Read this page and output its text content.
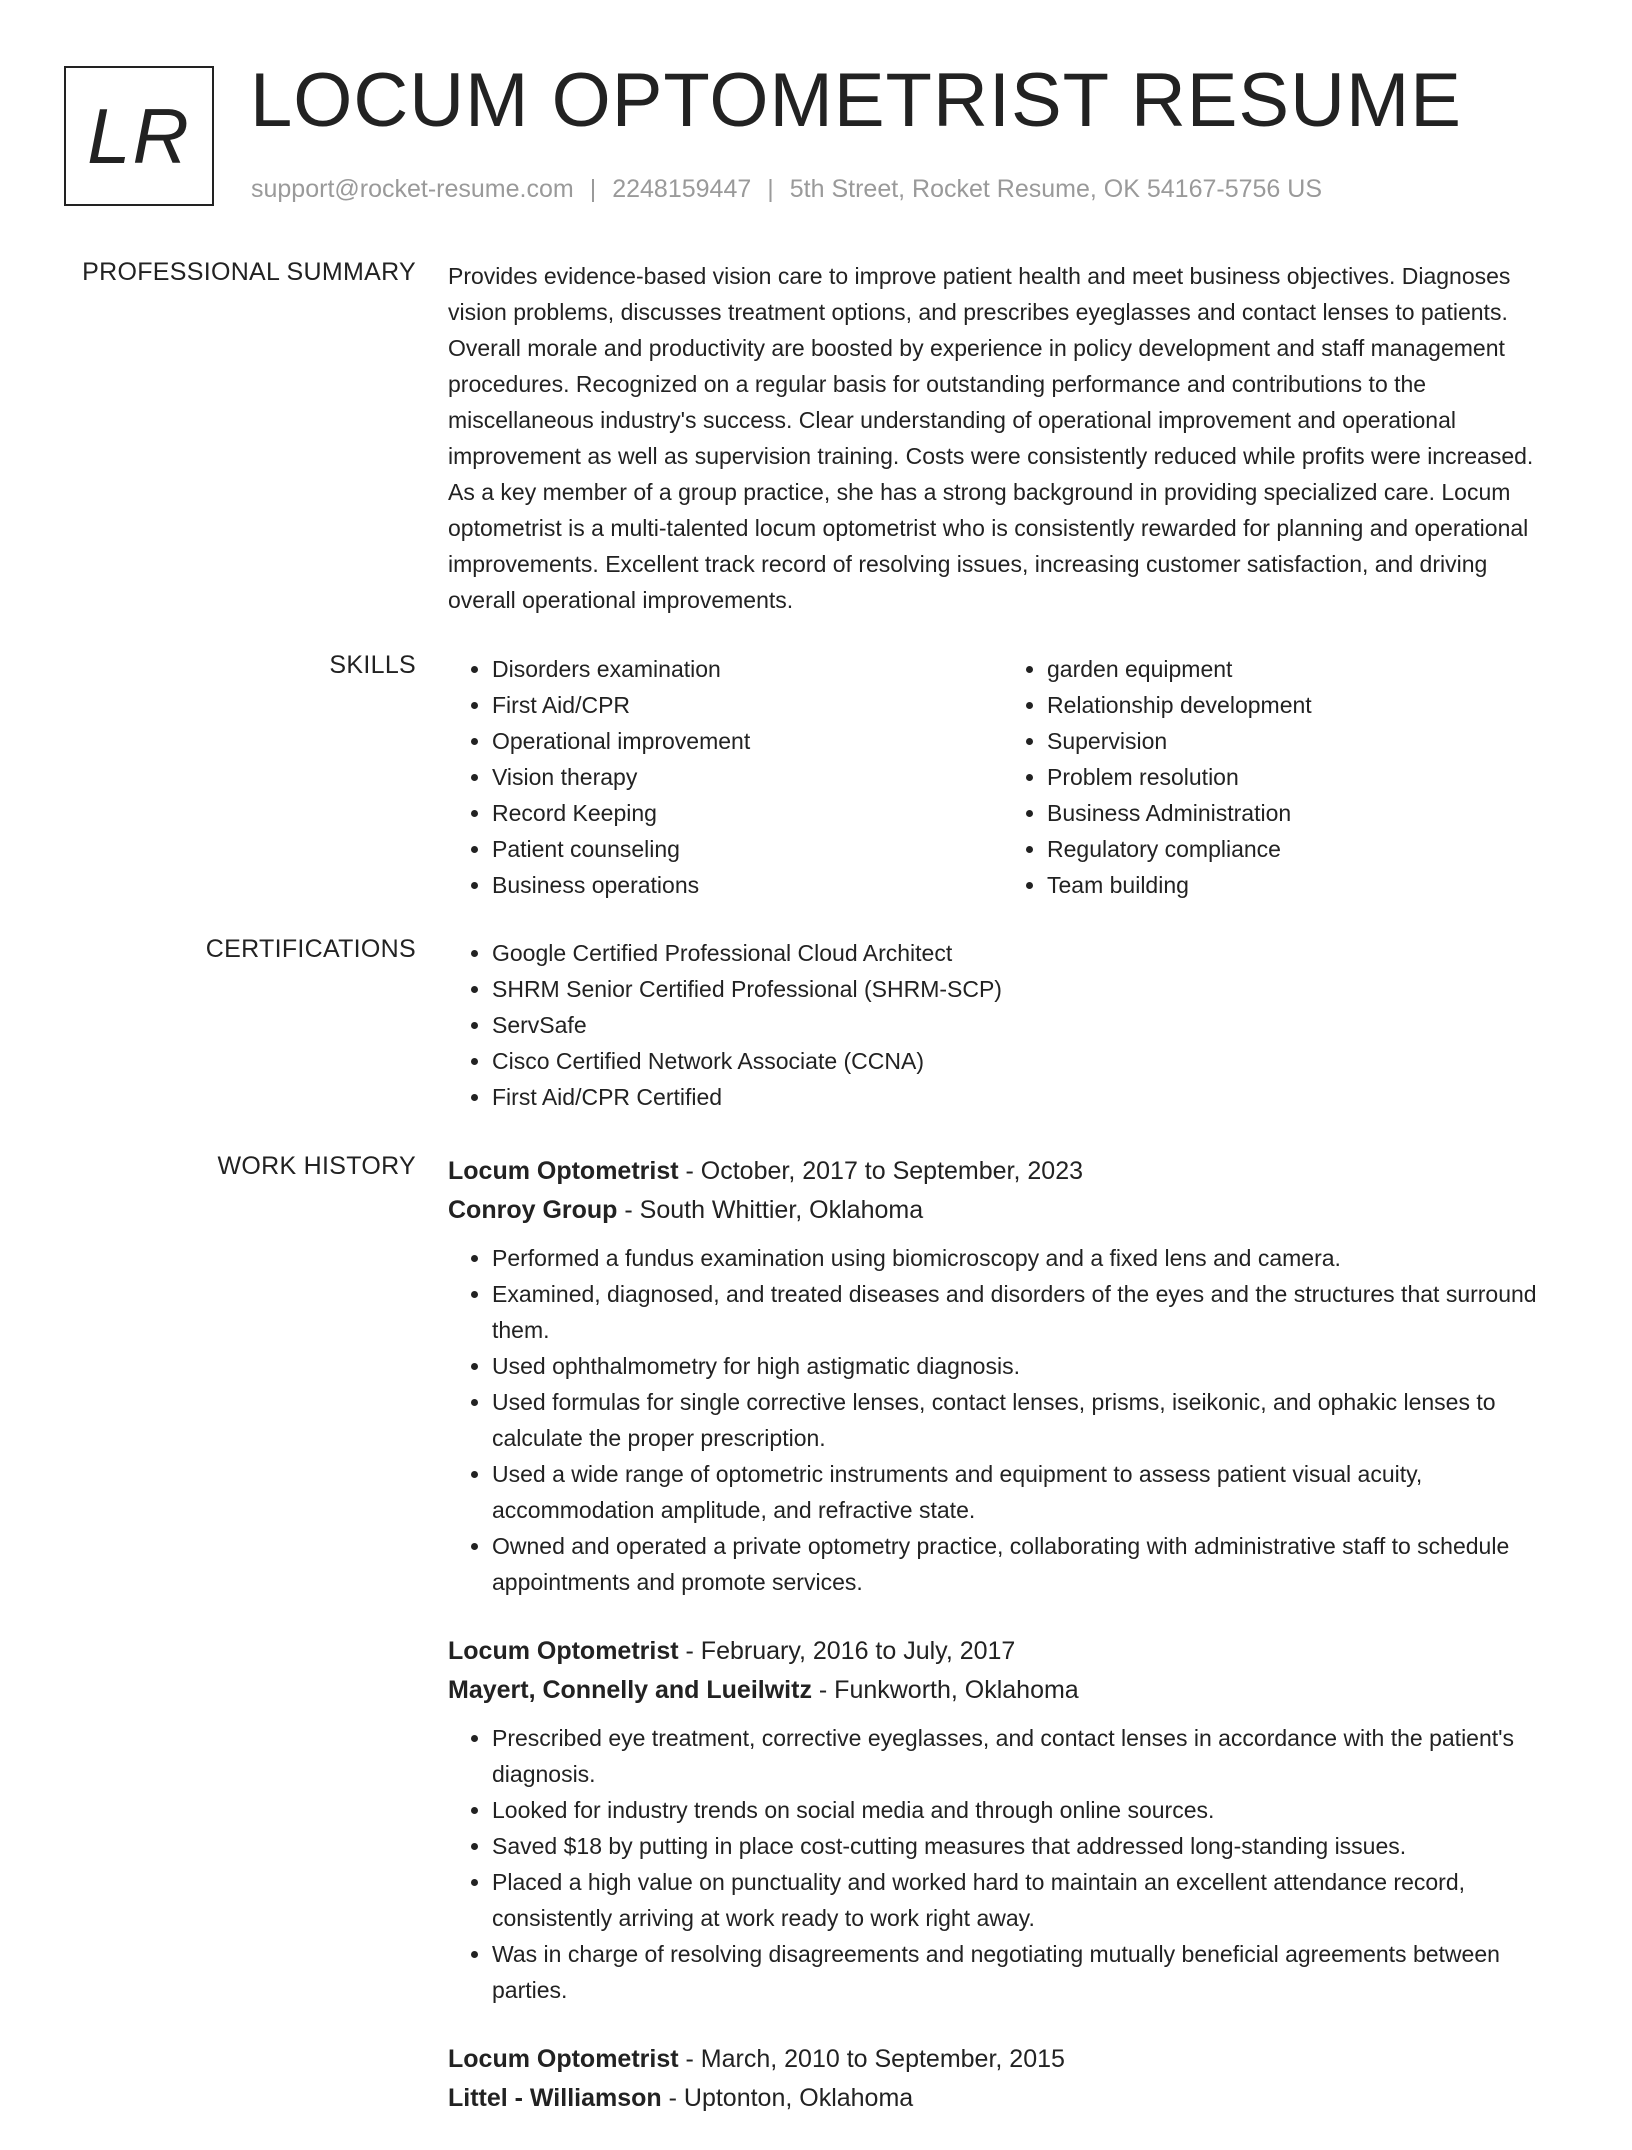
LR LOCUM OPTOMETRIST RESUME
support@rocket-resume.com | 2248159447 | 5th Street, Rocket Resume, OK 54167-5756 US
PROFESSIONAL SUMMARY Provides evidence-based vision care to improve patient health and meet business objectives. Diagnoses vision problems, discusses treatment options, and prescribes eyeglasses and contact lenses to patients. Overall morale and productivity are boosted by experience in policy development and staff management procedures. Recognized on a regular basis for outstanding performance and contributions to the miscellaneous industry's success. Clear understanding of operational improvement and operational improvement as well as supervision training. Costs were consistently reduced while profits were increased. As a key member of a group practice, she has a strong background in providing specialized care. Locum optometrist is a multi-talented locum optometrist who is consistently rewarded for planning and operational improvements. Excellent track record of resolving issues, increasing customer satisfaction, and driving overall operational improvements.

SKILLS	• Disorders examination
• First Aid/CPR
• Operational improvement
• Vision therapy
• Record Keeping
• Patient counseling
• Business operations
• garden equipment
• Relationship development
• Supervision
• Problem resolution
• Business Administration
• Regulatory compliance
• Team building
CERTIFICATIONS	• Google Certified Professional Cloud Architect
• SHRM Senior Certified Professional (SHRM-SCP)
• ServSafe
• Cisco Certified Network Associate (CCNA)
• First Aid/CPR Certified
WORK HISTORY Locum Optometrist - October, 2017 to September, 2023
Conroy Group - South Whittier, Oklahoma
• Performed a fundus examination using biomicroscopy and a fixed lens and camera.
• Examined, diagnosed, and treated diseases and disorders of the eyes and the structures that surround them.
• Used ophthalmometry for high astigmatic diagnosis.
• Used formulas for single corrective lenses, contact lenses, prisms, iseikonic, and ophakic lenses to calculate the proper prescription.
• Used a wide range of optometric instruments and equipment to assess patient visual acuity, accommodation amplitude, and refractive state.
• Owned and operated a private optometry practice, collaborating with administrative staff to schedule appointments and promote services.
Locum Optometrist - February, 2016 to July, 2017
Mayert, Connelly and Lueilwitz - Funkworth, Oklahoma
• Prescribed eye treatment, corrective eyeglasses, and contact lenses in accordance with the patient's diagnosis.
• Looked for industry trends on social media and through online sources.
• Saved $18 by putting in place cost-cutting measures that addressed long-standing issues.
• Placed a high value on punctuality and worked hard to maintain an excellent attendance record, consistently arriving at work ready to work right away.
• Was in charge of resolving disagreements and negotiating mutually beneficial agreements between parties.
Locum Optometrist - March, 2010 to September, 2015
Littel - Williamson - Uptonton, Oklahoma
